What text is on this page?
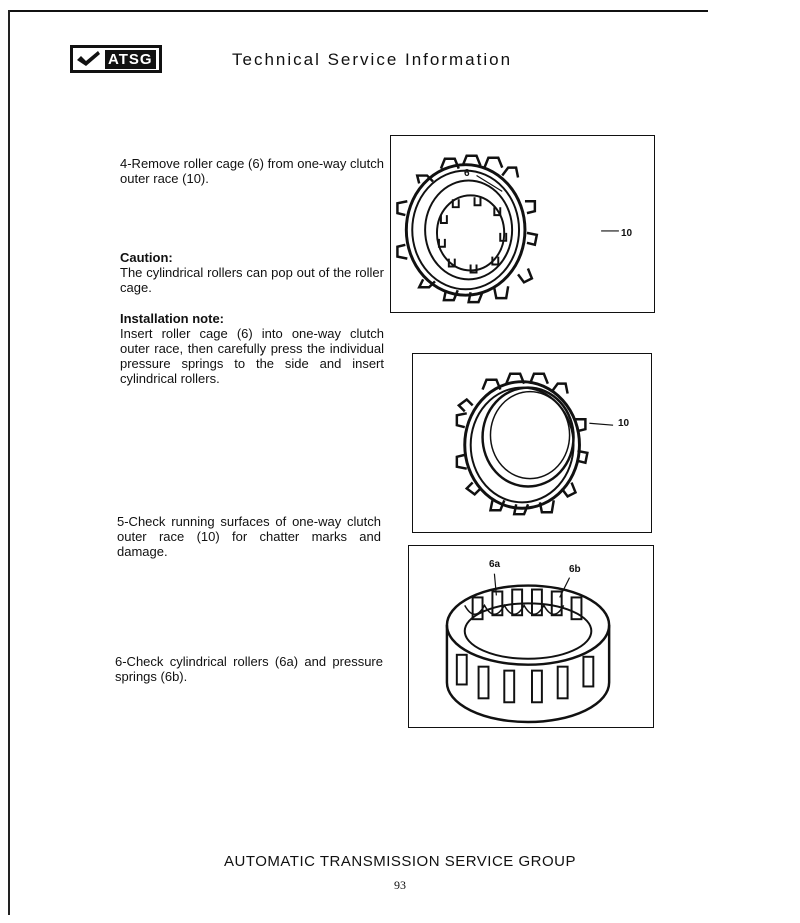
ATSG	Technical Service Information
4-Remove roller cage (6) from one-way clutch outer race (10).
Caution:
The cylindrical rollers can pop out of the roller cage.
Installation note:
Insert roller cage (6) into one-way clutch outer race, then carefully press the individual pressure springs to the side and insert cylindrical rollers.
5-Check running surfaces of one-way clutch outer race (10) for chatter marks and damage.
6-Check cylindrical rollers (6a) and pressure springs (6b).
6
10
10
6a	6b
AUTOMATIC TRANSMISSION SERVICE GROUP
93
